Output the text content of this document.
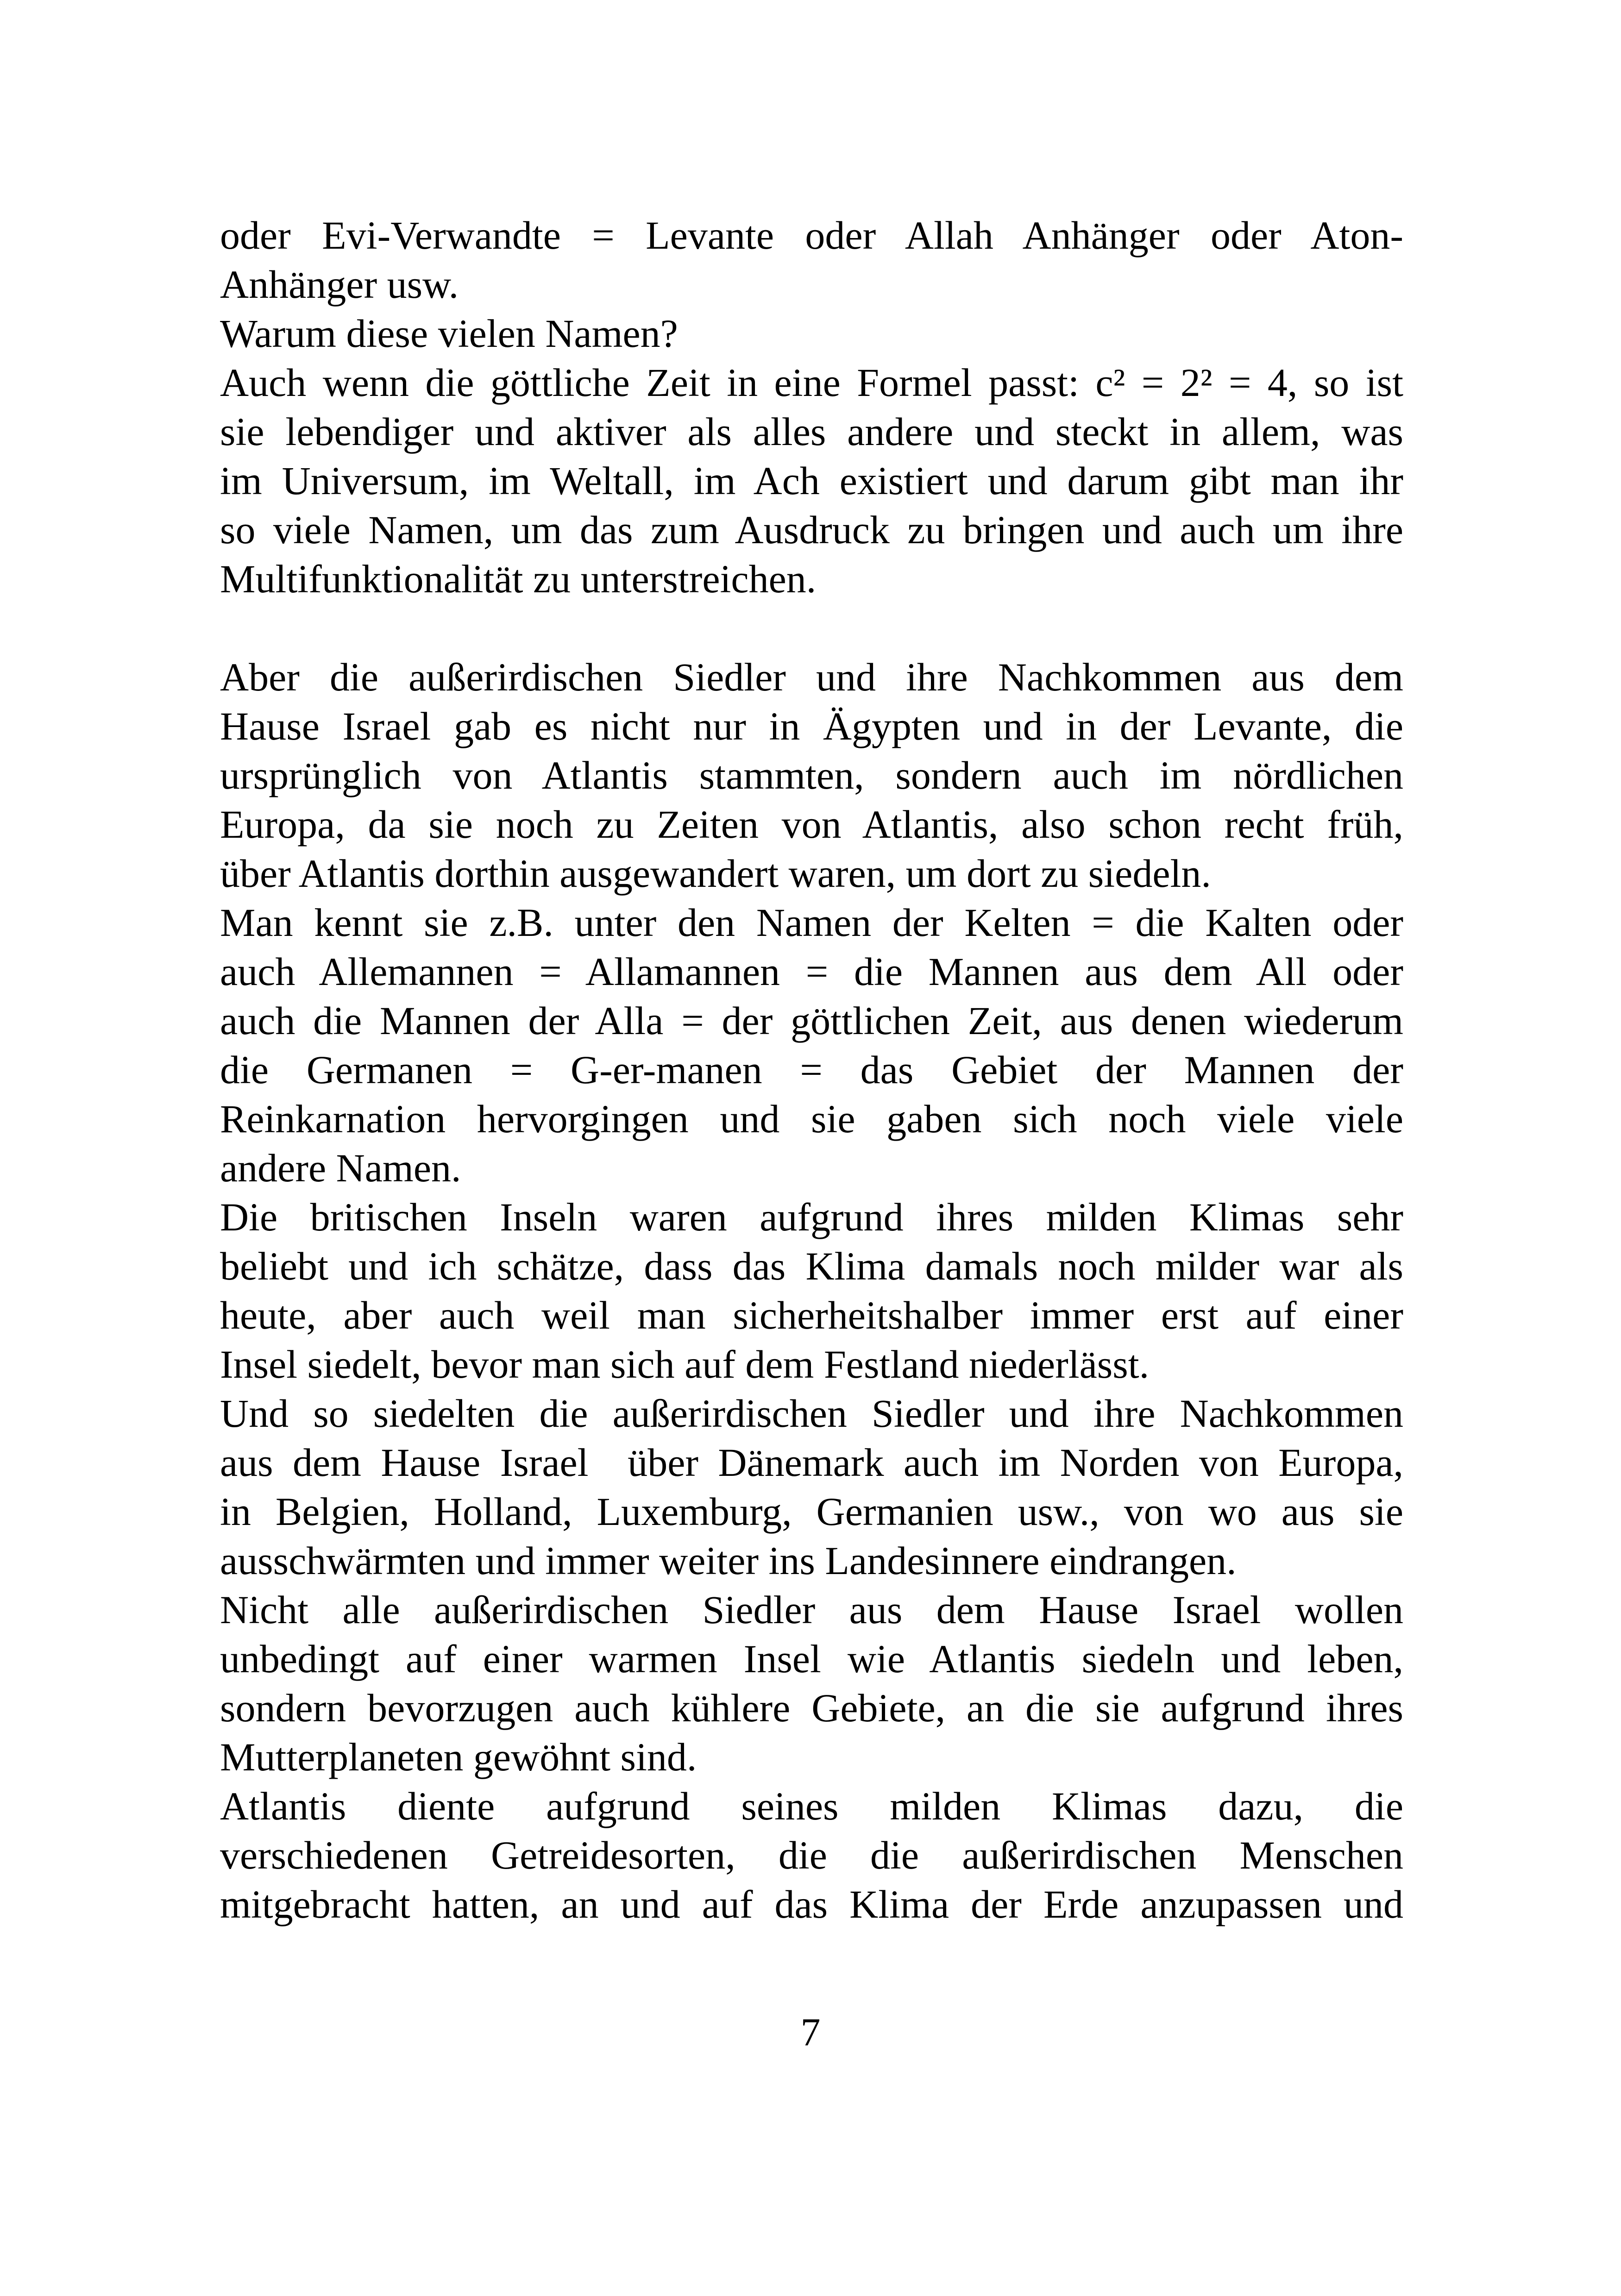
oder Evi-Verwandte = Levante oder Allah Anhänger oder Aton-
Anhänger usw.
Warum diese vielen Namen?
Auch wenn die göttliche Zeit in eine Formel passt: c² = 2² = 4, so ist
sie lebendiger und aktiver als alles andere und steckt in allem, was
im Universum, im Weltall, im Ach existiert und darum gibt man ihr
so viele Namen, um das zum Ausdruck zu bringen und auch um ihre
Multifunktionalität zu unterstreichen.
Aber die außerirdischen Siedler und ihre Nachkommen aus dem
Hause Israel gab es nicht nur in Ägypten und in der Levante, die
ursprünglich von Atlantis stammten, sondern auch im nördlichen
Europa, da sie noch zu Zeiten von Atlantis, also schon recht früh,
über Atlantis dorthin ausgewandert waren, um dort zu siedeln.
Man kennt sie z.B. unter den Namen der Kelten = die Kalten oder
auch Allemannen = Allamannen = die Mannen aus dem All oder
auch die Mannen der Alla = der göttlichen Zeit, aus denen wiederum
die Germanen = G-er-manen = das Gebiet der Mannen der
Reinkarnation hervorgingen und sie gaben sich noch viele viele
andere Namen.
Die britischen Inseln waren aufgrund ihres milden Klimas sehr
beliebt und ich schätze, dass das Klima damals noch milder war als
heute, aber auch weil man sicherheitshalber immer erst auf einer
Insel siedelt, bevor man sich auf dem Festland niederlässt.
Und so siedelten die außerirdischen Siedler und ihre Nachkommen
aus dem Hause Israel  über Dänemark auch im Norden von Europa,
in Belgien, Holland, Luxemburg, Germanien usw., von wo aus sie
ausschwärmten und immer weiter ins Landesinnere eindrangen.
Nicht alle außerirdischen Siedler aus dem Hause Israel wollen
unbedingt auf einer warmen Insel wie Atlantis siedeln und leben,
sondern bevorzugen auch kühlere Gebiete, an die sie aufgrund ihres
Mutterplaneten gewöhnt sind.
Atlantis diente aufgrund seines milden Klimas dazu, die
verschiedenen Getreidesorten, die die außerirdischen Menschen
mitgebracht hatten, an und auf das Klima der Erde anzupassen und
7
